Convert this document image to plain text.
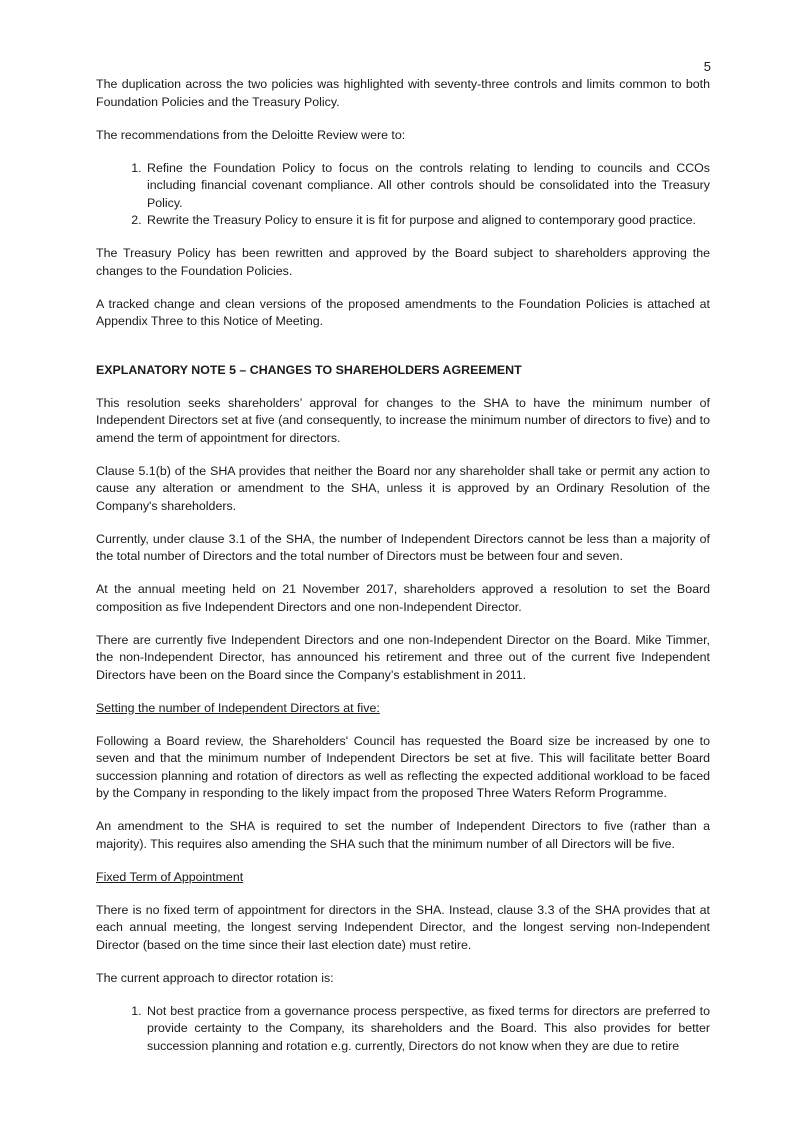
5

The duplication across the two policies was highlighted with seventy-three controls and limits common to both Foundation Policies and the Treasury Policy.

The recommendations from the Deloitte Review were to:

1. Refine the Foundation Policy to focus on the controls relating to lending to councils and CCOs including financial covenant compliance. All other controls should be consolidated into the Treasury Policy.
2. Rewrite the Treasury Policy to ensure it is fit for purpose and aligned to contemporary good practice.

The Treasury Policy has been rewritten and approved by the Board subject to shareholders approving the changes to the Foundation Policies.

A tracked change and clean versions of the proposed amendments to the Foundation Policies is attached at Appendix Three to this Notice of Meeting.

EXPLANATORY NOTE 5 – CHANGES TO SHAREHOLDERS AGREEMENT

This resolution seeks shareholders’ approval for changes to the SHA to have the minimum number of Independent Directors set at five (and consequently, to increase the minimum number of directors to five) and to amend the term of appointment for directors.

Clause 5.1(b) of the SHA provides that neither the Board nor any shareholder shall take or permit any action to cause any alteration or amendment to the SHA, unless it is approved by an Ordinary Resolution of the Company's shareholders.

Currently, under clause 3.1 of the SHA, the number of Independent Directors cannot be less than a majority of the total number of Directors and the total number of Directors must be between four and seven.

At the annual meeting held on 21 November 2017, shareholders approved a resolution to set the Board composition as five Independent Directors and one non-Independent Director.

There are currently five Independent Directors and one non-Independent Director on the Board. Mike Timmer, the non-Independent Director, has announced his retirement and three out of the current five Independent Directors have been on the Board since the Company’s establishment in 2011.

Setting the number of Independent Directors at five:

Following a Board review, the Shareholders' Council has requested the Board size be increased by one to seven and that the minimum number of Independent Directors be set at five. This will facilitate better Board succession planning and rotation of directors as well as reflecting the expected additional workload to be faced by the Company in responding to the likely impact from the proposed Three Waters Reform Programme.

An amendment to the SHA is required to set the number of Independent Directors to five (rather than a majority). This requires also amending the SHA such that the minimum number of all Directors will be five.

Fixed Term of Appointment

There is no fixed term of appointment for directors in the SHA. Instead, clause 3.3 of the SHA provides that at each annual meeting, the longest serving Independent Director, and the longest serving non-Independent Director (based on the time since their last election date) must retire.

The current approach to director rotation is:

1. Not best practice from a governance process perspective, as fixed terms for directors are preferred to provide certainty to the Company, its shareholders and the Board. This also provides for better succession planning and rotation e.g. currently, Directors do not know when they are due to retire
